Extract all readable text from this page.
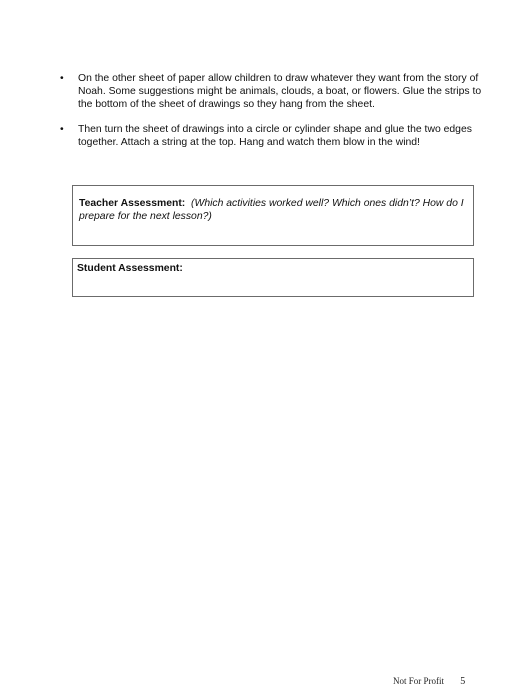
• On the other sheet of paper allow children to draw whatever they want from the story of Noah. Some suggestions might be animals, clouds, a boat, or flowers. Glue the strips to the bottom of the sheet of drawings so they hang from the sheet.
• Then turn the sheet of drawings into a circle or cylinder shape and glue the two edges together. Attach a string at the top. Hang and watch them blow in the wind!
Teacher Assessment: (Which activities worked well? Which ones didn’t? How do I prepare for the next lesson?)
Student Assessment:
Not For Profit 5
